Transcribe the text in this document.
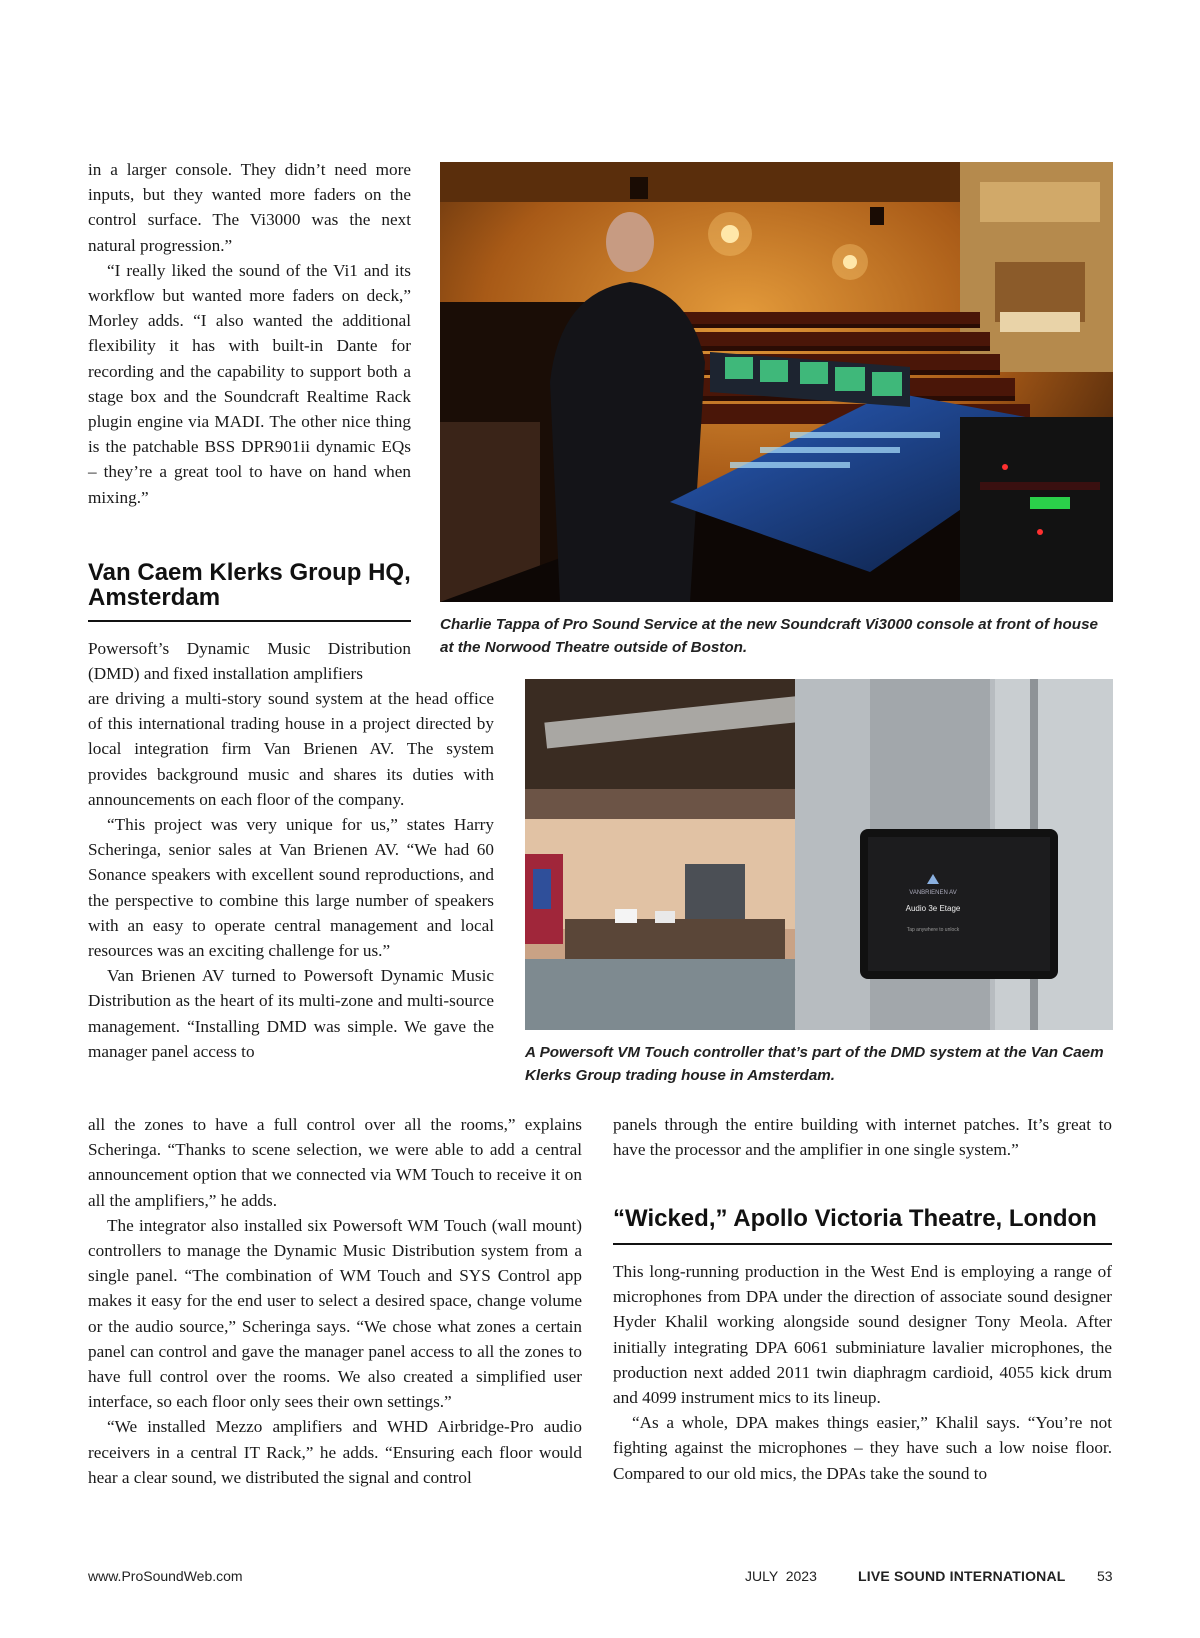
in a larger console. They didn’t need more inputs, but they wanted more faders on the control surface. The Vi3000 was the next natural progression.”

“I really liked the sound of the Vi1 and its workflow but wanted more faders on deck,” Morley adds. “I also wanted the additional flexibility it has with built-in Dante for recording and the capability to support both a stage box and the Soundcraft Realtime Rack plugin engine via MADI. The other nice thing is the patchable BSS DPR901ii dynamic EQs – they’re a great tool to have on hand when mixing.”

Van Caem Klerks Group HQ, Amsterdam

Powersoft’s Dynamic Music Distribution (DMD) and fixed installation amplifiers

are driving a multi-story sound system at the head office of this international trading house in a project directed by local integration firm Van Brienen AV. The system provides background music and shares its duties with announcements on each floor of the company.

“This project was very unique for us,” states Harry Scheringa, senior sales at Van Brienen AV. “We had 60 Sonance speakers with excellent sound reproductions, and the perspective to combine this large number of speakers with an easy to operate central management and local resources was an exciting challenge for us.”

Van Brienen AV turned to Powersoft Dynamic Music Distribution as the heart of its multi-zone and multi-source management. “Installing DMD was simple. We gave the manager panel access to

all the zones to have a full control over all the rooms,” explains Scheringa. “Thanks to scene selection, we were able to add a central announcement option that we connected via WM Touch to receive it on all the amplifiers,” he adds.

The integrator also installed six Powersoft WM Touch (wall mount) controllers to manage the Dynamic Music Distribution system from a single panel. “The combination of WM Touch and SYS Control app makes it easy for the end user to select a desired space, change volume or the audio source,” Scheringa says. “We chose what zones a certain panel can control and gave the manager panel access to all the zones to have full control over the rooms. We also created a simplified user interface, so each floor only sees their own settings.”

“We installed Mezzo amplifiers and WHD Airbridge-Pro audio receivers in a central IT Rack,” he adds. “Ensuring each floor would hear a clear sound, we distributed the signal and control

panels through the entire building with internet patches. It’s great to have the processor and the amplifier in one single system.”

“Wicked,” Apollo Victoria Theatre, London

This long-running production in the West End is employing a range of microphones from DPA under the direction of associate sound designer Hyder Khalil working alongside sound designer Tony Meola. After initially integrating DPA 6061 subminiature lavalier microphones, the production next added 2011 twin diaphragm cardioid, 4055 kick drum and 4099 instrument mics to its lineup.

“As a whole, DPA makes things easier,” Khalil says. “You’re not fighting against the microphones – they have such a low noise floor. Compared to our old mics, the DPAs take the sound to

Charlie Tappa of Pro Sound Service at the new Soundcraft Vi3000 console at front of house at the Norwood Theatre outside of Boston.
VANBRIENEN AV
Audio 3e Etage
Tap anywhere to unlock
A Powersoft VM Touch controller that’s part of the DMD system at the Van Caem Klerks Group trading house in Amsterdam.
www.ProSoundWeb.com	JULY  2023	LIVE SOUND INTERNATIONAL 53
